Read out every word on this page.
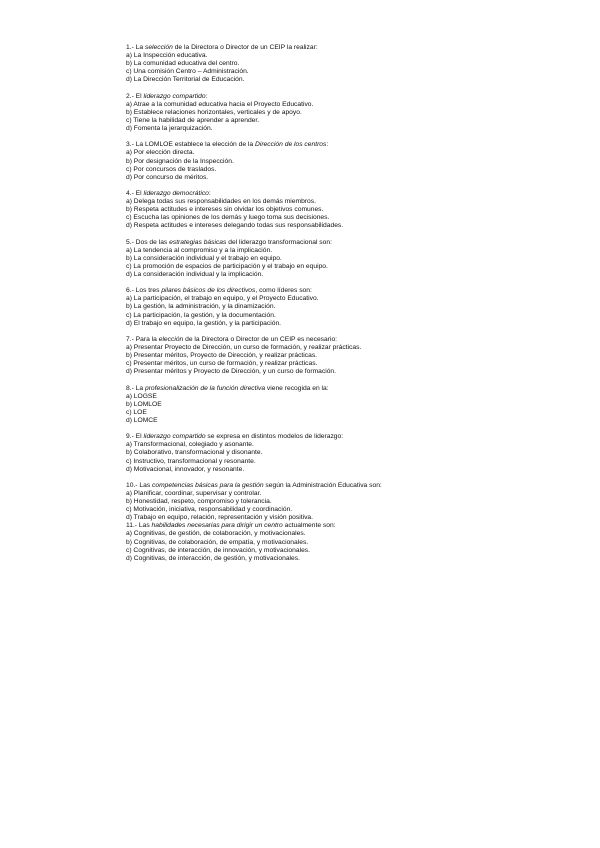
1.- La selección de la Directora o Director de un CEIP la realizar:
a) La Inspección educativa.
b) La comunidad educativa del centro.
c) Una comisión Centro – Administración.
d) La Dirección Territorial de Educación.
2.- El liderazgo compartido:
a) Atrae a la comunidad educativa hacia el Proyecto Educativo.
b) Establece relaciones horizontales, verticales y de apoyo.
c) Tiene la habilidad de aprender a aprender.
d) Fomenta la jerarquización.
3.- La LOMLOE establece la elección de la Dirección de los centros:
a) Por elección directa.
b) Por designación de la Inspección.
c) Por concursos de traslados.
d) Por concurso de méritos.
4.- El liderazgo democrático:
a) Delega todas sus responsabilidades en los demás miembros.
b) Respeta actitudes e intereses sin olvidar los objetivos comunes.
c) Escucha las opiniones de los demás y luego toma sus decisiones.
d) Respeta actitudes e intereses delegando todas sus responsabilidades.
5.- Dos de las estrategias básicas del liderazgo transformacional son:
a) La tendencia al compromiso y a la implicación.
b) La consideración individual y el trabajo en equipo.
c) La promoción de espacios de participación y el trabajo en equipo.
d) La consideración individual y la implicación.
6.- Los tres pilares básicos de los directivos, como líderes son:
a) La participación, el trabajo en equipo, y el Proyecto Educativo.
b) La gestión, la administración, y la dinamización.
c) La participación, la gestión, y la documentación.
d) El trabajo en equipo, la gestión, y la participación.
7.- Para la elección de la Directora o Director de un CEIP es necesario:
a) Presentar Proyecto de Dirección, un curso de formación, y realizar prácticas.
b) Presentar méritos, Proyecto de Dirección, y realizar prácticas.
c) Presentar méritos, un curso de formación, y realizar prácticas.
d) Presentar méritos y Proyecto de Dirección, y un curso de formación.
8.- La profesionalización de la función directiva viene recogida en la:
a) LOGSE
b) LOMLOE
c) LOE
d) LOMCE
9.- El liderazgo compartido se expresa en distintos modelos de liderazgo:
a) Transformacional, colegiado y asonante.
b) Colaborativo, transformacional y disonante.
c) Instructivo, transformacional y resonante.
d) Motivacional, innovador, y resonante.
10.- Las competencias básicas para la gestión según la Administración Educativa son:
a) Planificar, coordinar, supervisar y controlar.
b) Honestidad, respeto, compromiso y tolerancia.
c) Motivación, iniciativa, responsabilidad y coordinación.
d) Trabajo en equipo, relación, representación y visión positiva.
11.- Las habilidades necesarias para dirigir un centro actualmente son:
a) Cognitivas, de gestión, de colaboración, y motivacionales.
b) Cognitivas, de colaboración, de empatía, y motivacionales.
c) Cognitivas, de interacción, de innovación, y motivacionales.
d) Cognitivas, de interacción, de gestión, y motivacionales.
